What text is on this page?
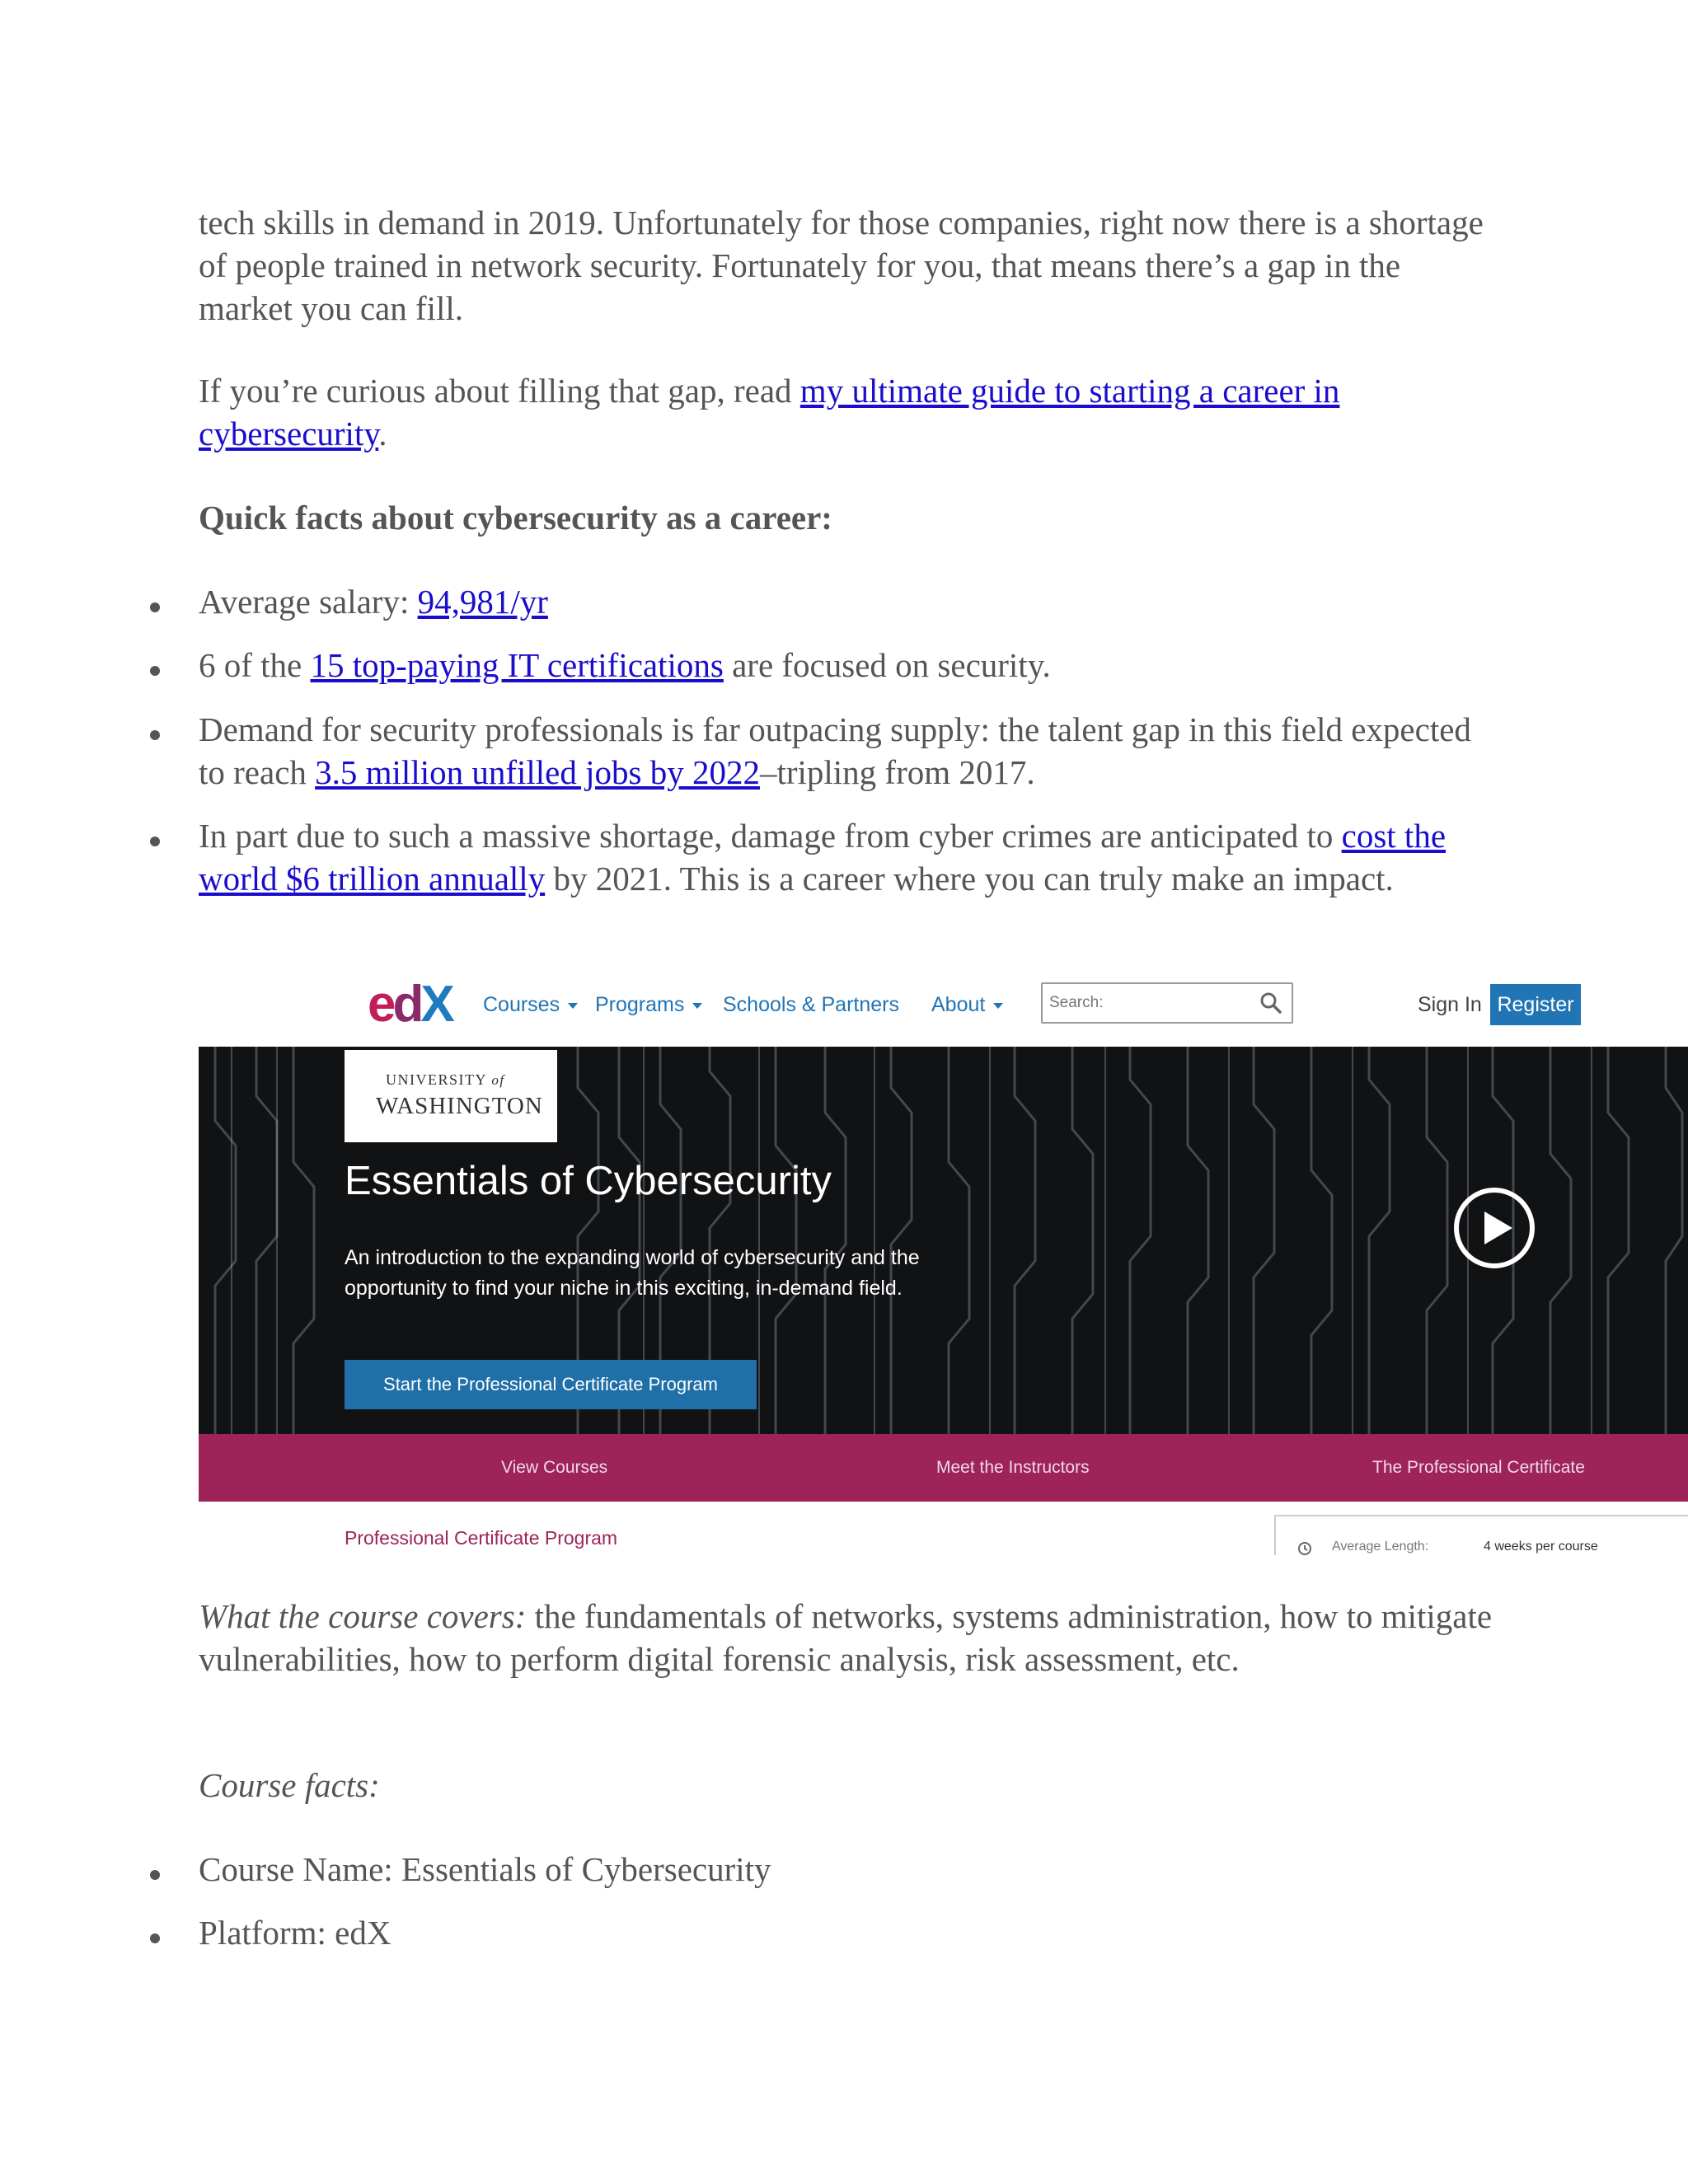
tech skills in demand in 2019. Unfortunately for those companies, right now there is a shortage of people trained in network security. Fortunately for you, that means there’s a gap in the market you can fill.

If you’re curious about filling that gap, read my ultimate guide to starting a career in cybersecurity.

Quick facts about cybersecurity as a career:

Average salary: 94,981/yr

6 of the 15 top-paying IT certifications are focused on security.

Demand for security professionals is far outpacing supply: the talent gap in this field expected to reach 3.5 million unfilled jobs by 2022–tripling from 2017.

In part due to such a massive shortage, damage from cyber crimes are anticipated to cost the world $6 trillion annually by 2021. This is a career where you can truly make an impact.

edX Courses	Programs	Schools & Partners About
Search:	Sign In Register
UNIVERSITY of
WASHINGTON
Essentials of Cybersecurity
An introduction to the expanding world of cybersecurity and the opportunity to find your niche in this exciting, in-demand field.
Start the Professional Certificate Program
View Courses	Meet the Instructors	The Professional Certificate
Professional Certificate Program	Average Length:	4 weeks per course

What the course covers: the fundamentals of networks, systems administration, how to mitigate vulnerabilities, how to perform digital forensic analysis, risk assessment, etc.

Course facts:

Course Name: Essentials of Cybersecurity

Platform: edX
